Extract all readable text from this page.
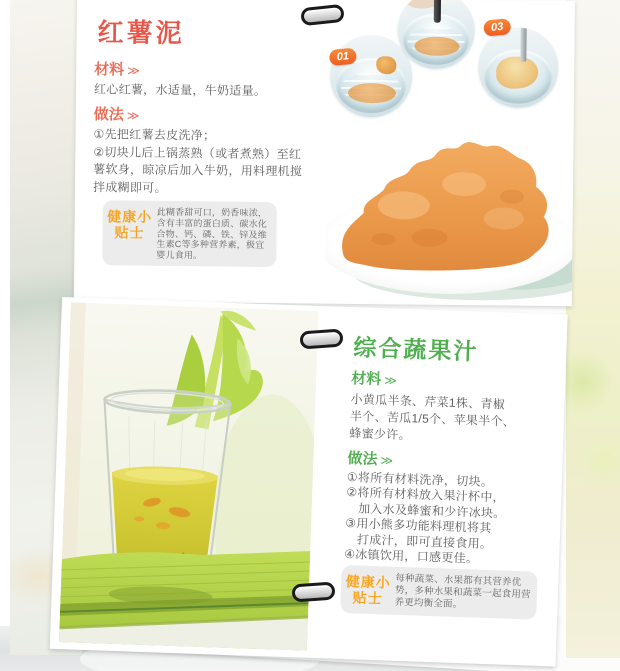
红薯泥
材料 ≫
红心红薯，水适量，牛奶适量。
做法 ≫
①先把红薯去皮洗净；
②切块儿后上锅蒸熟（或者煮熟）至红
薯软身，晾凉后加入牛奶，用料理机搅
拌成糊即可。
健康小
贴士
此糊香甜可口，奶香味浓，含有丰富的蛋白质、碳水化合物、钙、磷、铁、锌及维生素C等多种营养素，极宜婴儿食用。
01
03
综合蔬果汁
材料 ≫
小黄瓜半条、芹菜1株、青椒
半个、苦瓜1/5个、苹果半个、
蜂蜜少许。
做法 ≫
①将所有材料洗净，切块。
②将所有材料放入果汁杯中，
　加入水及蜂蜜和少许冰块。
③用小熊多功能料理机将其
　打成汁，即可直接食用。
④冰镇饮用，口感更佳。
健康小
贴士
每种蔬菜、水果都有其营养优势，多种水果和蔬菜一起食用营养更均衡全面。
